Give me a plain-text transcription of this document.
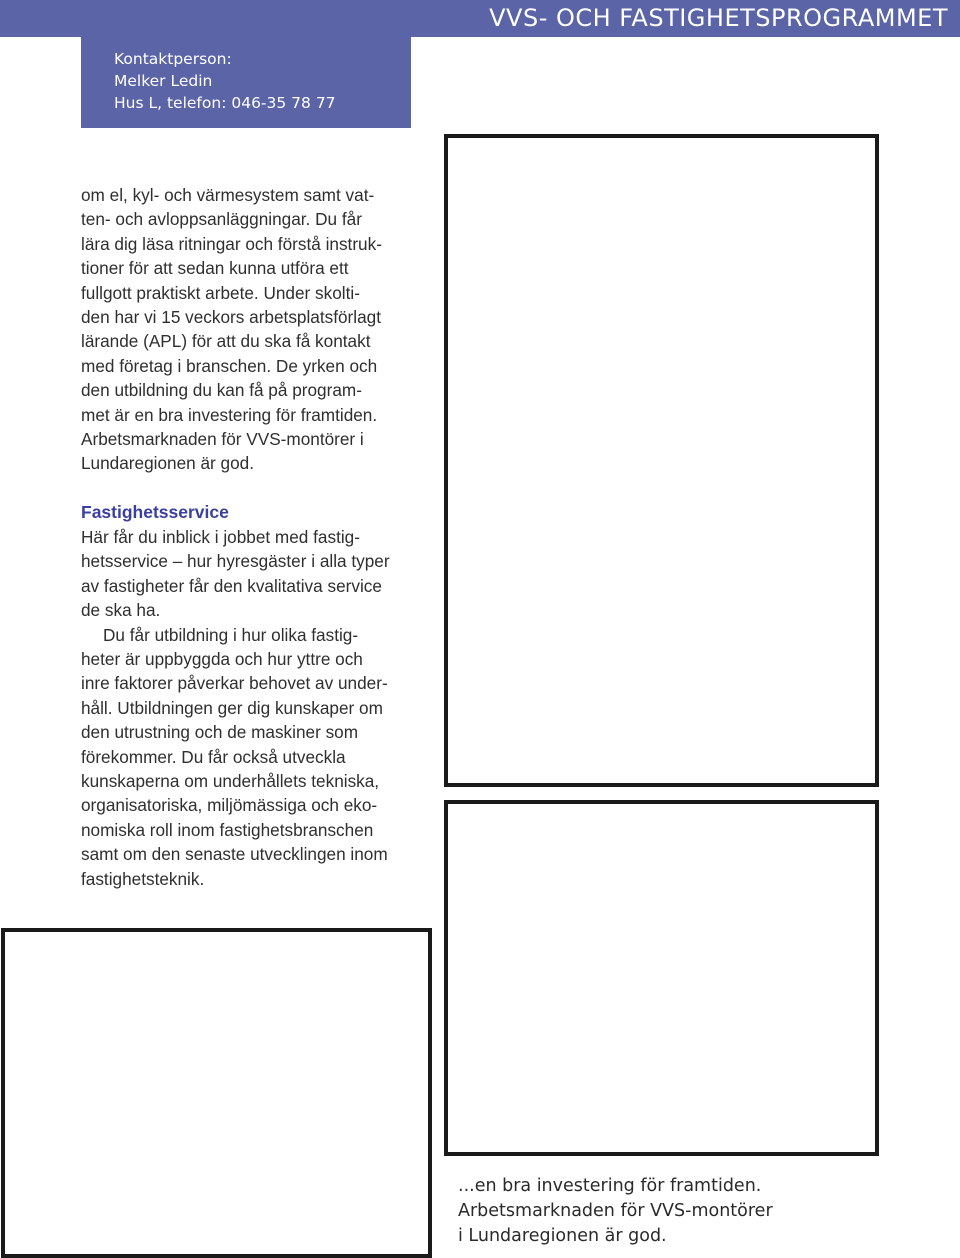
VVS- OCH FASTIGHETSPROGRAMMET
Kontaktperson:
Melker Ledin
Hus L, telefon: 046-35 78 77

om el, kyl- och värmesystem samt vat-

ten- och avloppsanläggningar. Du får

lära dig läsa ritningar och förstå instruk-

tioner för att sedan kunna utföra ett

fullgott praktiskt arbete. Under skolti-

den har vi 15 veckors arbetsplatsförlagt

lärande (APL) för att du ska få kontakt

med företag i branschen. De yrken och

den utbildning du kan få på program-

met är en bra investering för framtiden.

Arbetsmarknaden för VVS-montörer i

Lundaregionen är god.

Fastighetsservice

Här får du inblick i jobbet med fastig-

hetsservice – hur hyresgäster i alla typer

av fastigheter får den kvalitativa service

de ska ha.

Du får utbildning i hur olika fastig-

heter är uppbyggda och hur yttre och

inre faktorer påverkar behovet av under-

håll. Utbildningen ger dig kunskaper om

den utrustning och de maskiner som

förekommer. Du får också utveckla

kunskaperna om underhållets tekniska,

organisatoriska, miljömässiga och eko-

nomiska roll inom fastighetsbranschen

samt om den senaste utvecklingen inom

fastighetsteknik.

...en bra investering för framtiden.
Arbetsmarknaden för VVS-montörer
i Lundaregionen är god.
